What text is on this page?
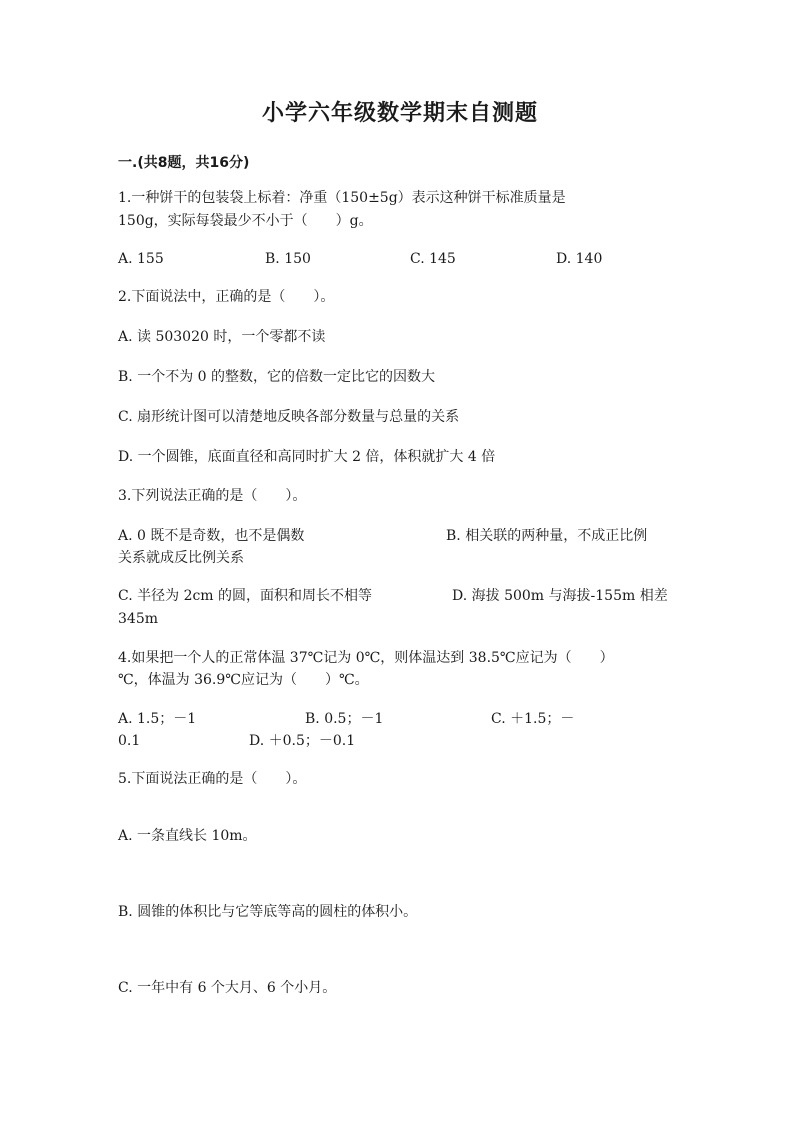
小学六年级数学期末自测题
一.(共8题，共16分)
1.一种饼干的包装袋上标着：净重（150±5g）表示这种饼干标准质量是
150g，实际每袋最少不小于（　　）g。
A. 155	B. 150	C. 145	D. 140
2.下面说法中，正确的是（　　）。
A. 读 503020 时，一个零都不读
B. 一个不为 0 的整数，它的倍数一定比它的因数大
C. 扇形统计图可以清楚地反映各部分数量与总量的关系
D. 一个圆锥，底面直径和高同时扩大 2 倍，体积就扩大 4 倍
3.下列说法正确的是（　　）。
A. 0 既不是奇数，也不是偶数	B. 相关联的两种量，不成正比例
关系就成反比例关系
C. 半径为 2cm 的圆，面积和周长不相等	D. 海拔 500m 与海拔-155m 相差
345m
4.如果把一个人的正常体温 37℃记为 0℃，则体温达到 38.5℃应记为（　　）
℃，体温为 36.9℃应记为（　　）℃。
A. 1.5；－1	B. 0.5；－1	C. ＋1.5；－
0.1	D. ＋0.5；－0.1
5.下面说法正确的是（　　）。
A. 一条直线长 10m。
B. 圆锥的体积比与它等底等高的圆柱的体积小。
C. 一年中有 6 个大月、6 个小月。
